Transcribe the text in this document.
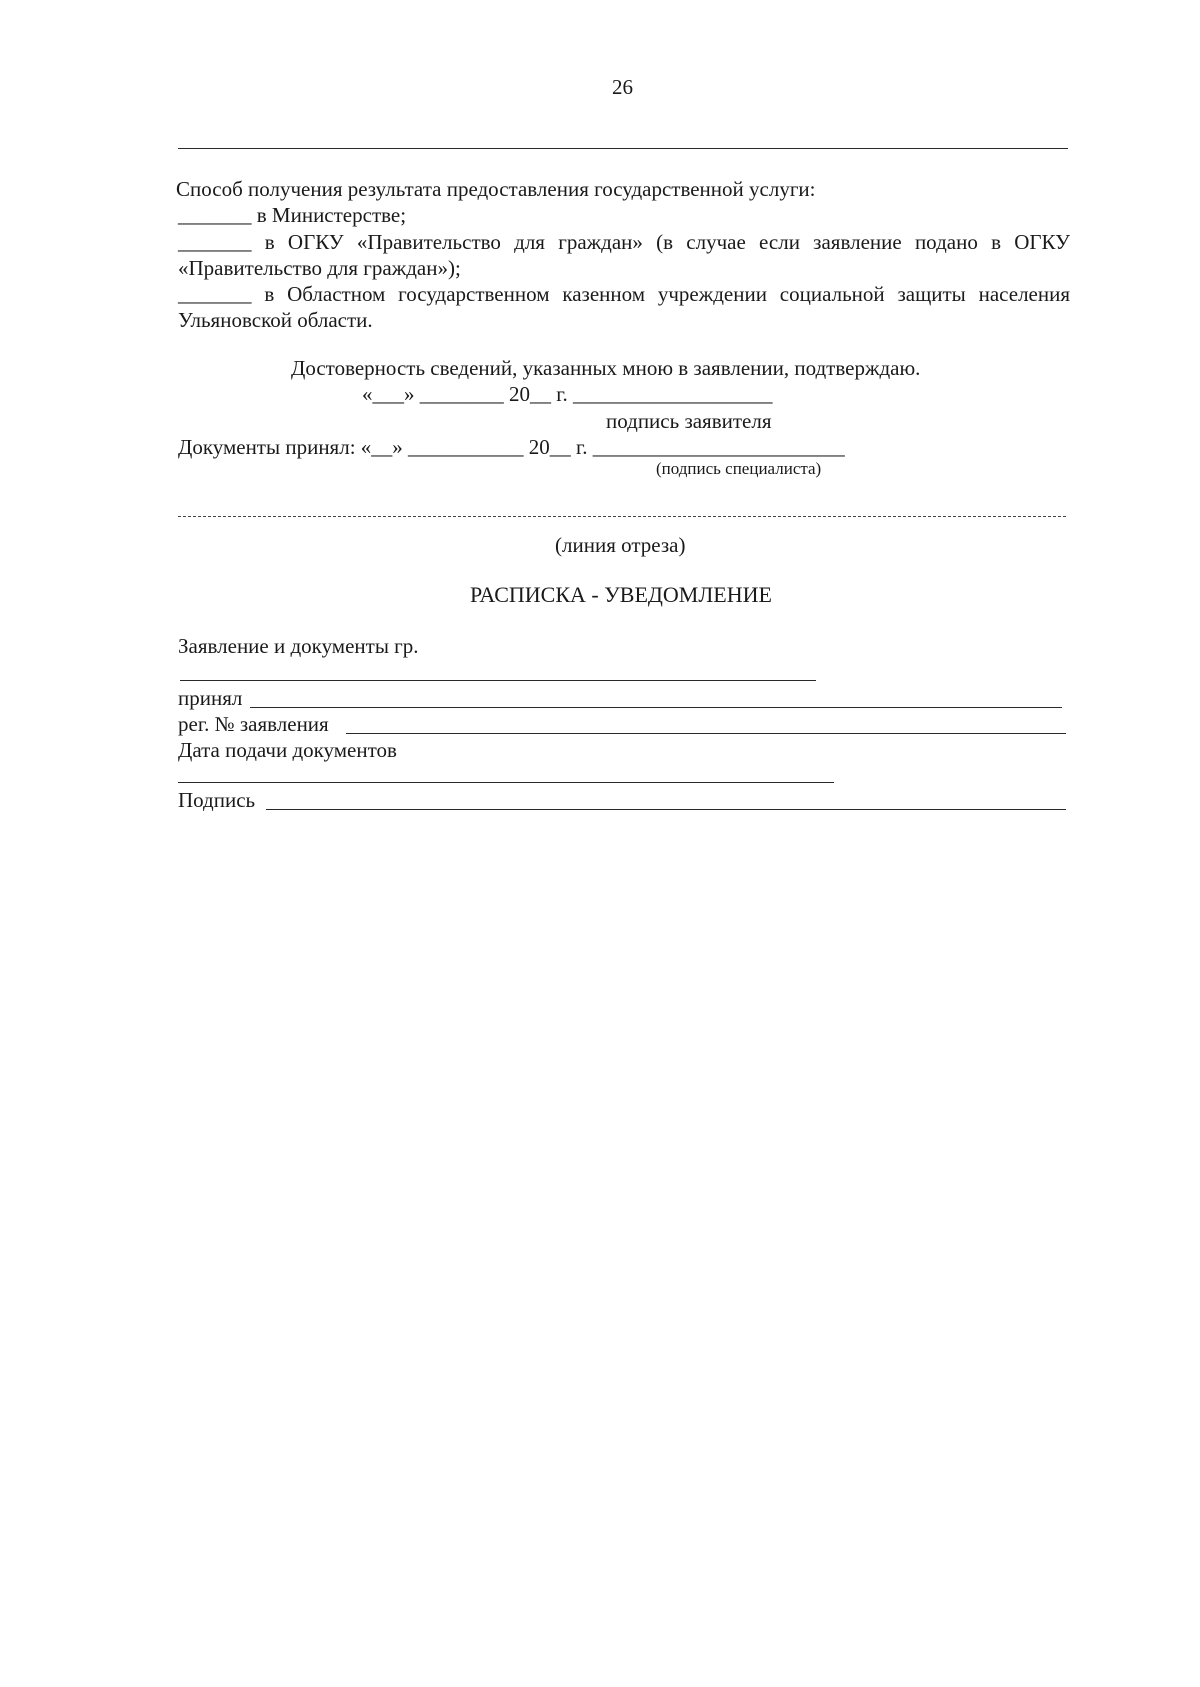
26
Способ получения результата предоставления государственной услуги:
_______ в Министерстве;
_______ в ОГКУ «Правительство для граждан» (в случае если заявление подано в ОГКУ
«Правительство для граждан»);
_______ в Областном государственном казенном учреждении социальной защиты населения
Ульяновской области.
Достоверность сведений, указанных мною в заявлении, подтверждаю.
«___» ________ 20__ г. ___________________
подпись заявителя
Документы принял: «__» ___________ 20__ г. ________________________
(подпись специалиста)
(линия отреза)
РАСПИСКА - УВЕДОМЛЕНИЕ
Заявление и документы гр.
принял
рег. № заявления
Дата подачи документов
Подпись
